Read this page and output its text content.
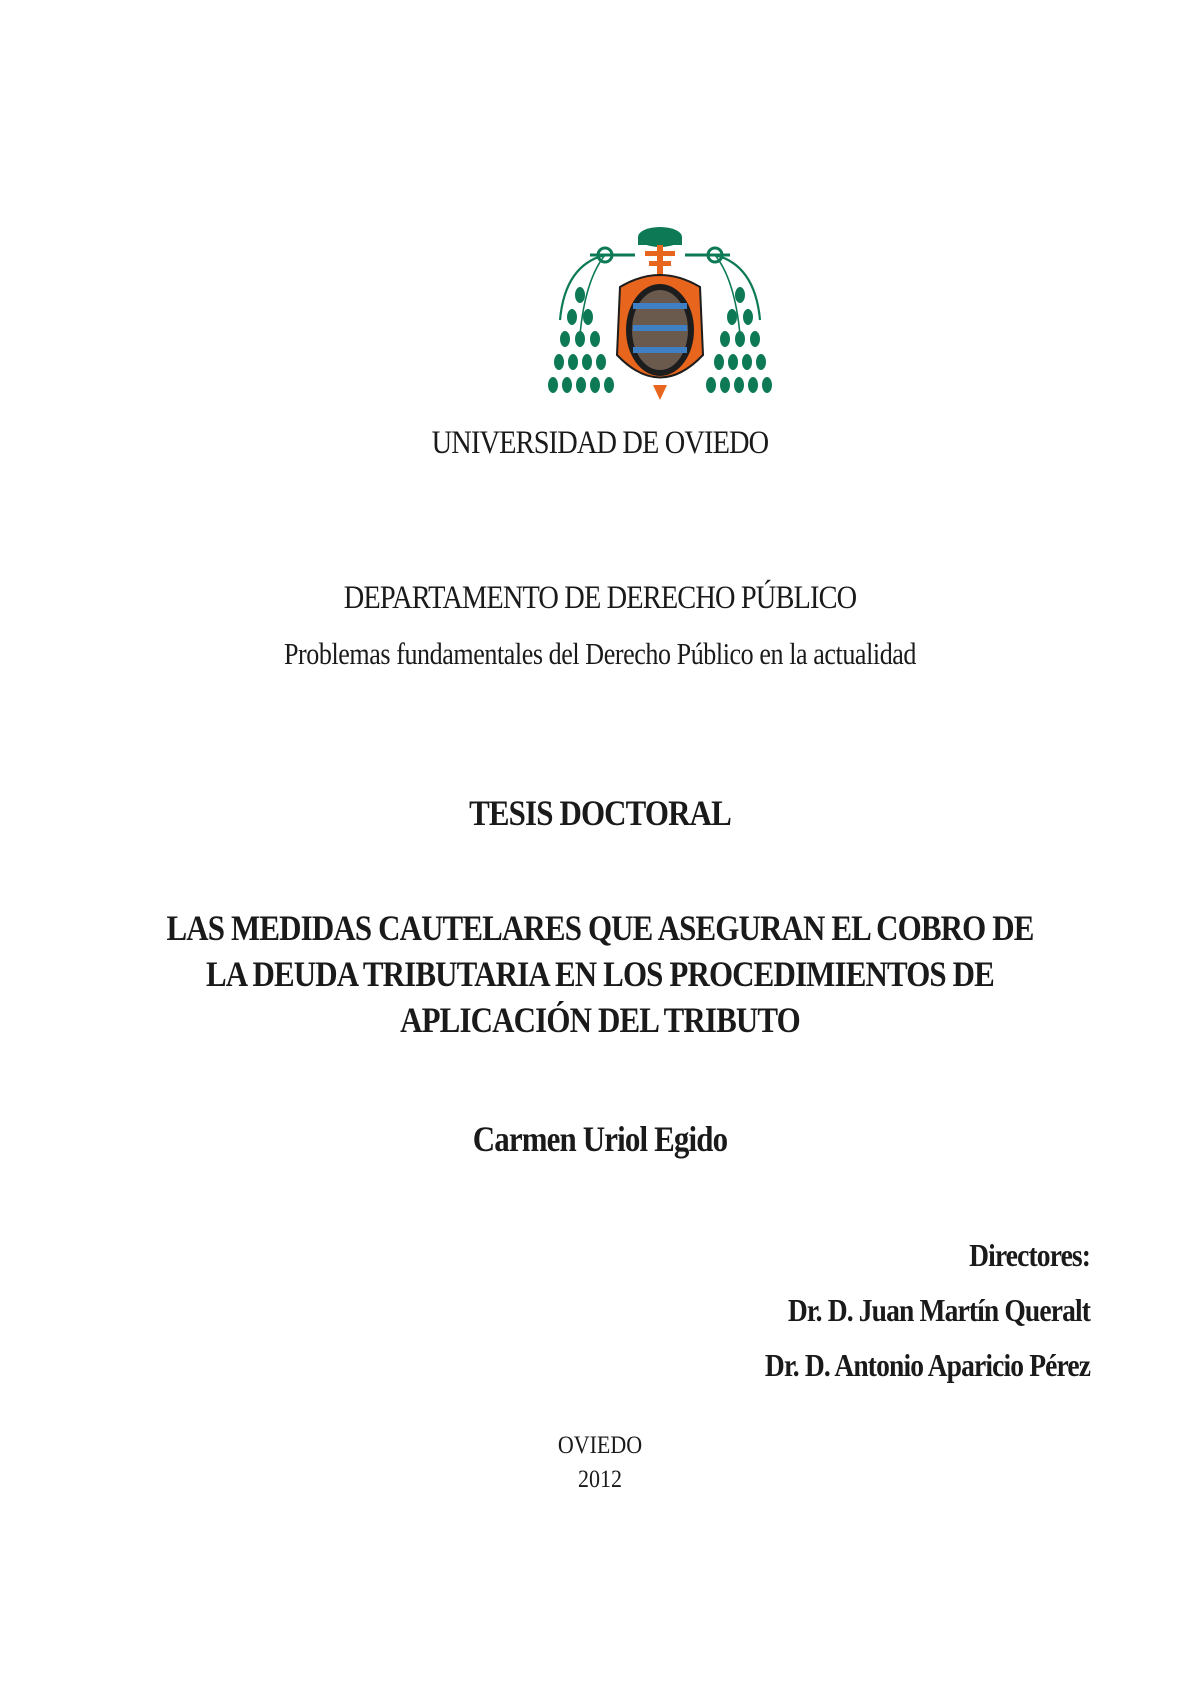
UNIVERSIDAD DE OVIEDO
DEPARTAMENTO DE DERECHO PÚBLICO
Problemas fundamentales del Derecho Público en la actualidad
TESIS DOCTORAL
LAS MEDIDAS CAUTELARES QUE ASEGURAN EL COBRO DE
LA DEUDA TRIBUTARIA EN LOS PROCEDIMIENTOS DE
APLICACIÓN DEL TRIBUTO
Carmen Uriol Egido
Directores:
Dr. D. Juan Martín Queralt
Dr. D. Antonio Aparicio Pérez
OVIEDO
2012
